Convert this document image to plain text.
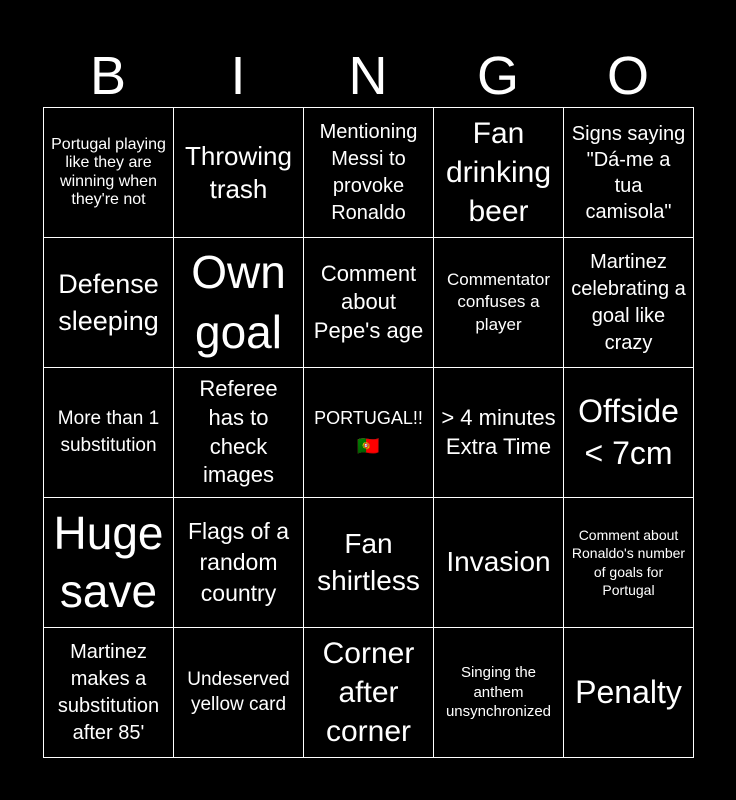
B	I	N	G	O
Portugal playing like they are winning when they're not
Throwing trash
Mentioning Messi to provoke Ronaldo
Fan drinking beer
Signs saying "Dá-me a tua camisola"
Defense sleeping
Own goal
Comment about Pepe's age
Commentator confuses a player
Martinez celebrating a goal like crazy
More than 1 substitution
Referee has to check images

PORTUGAL!!

🇵🇹

> 4 minutes Extra Time
Offside < 7cm
Huge save
Flags of a random country
Fan shirtless
Invasion
Comment about Ronaldo's number of goals for Portugal
Martinez makes a substitution after 85'
Undeserved yellow card
Corner after corner
Singing the anthem unsynchronized
Penalty
